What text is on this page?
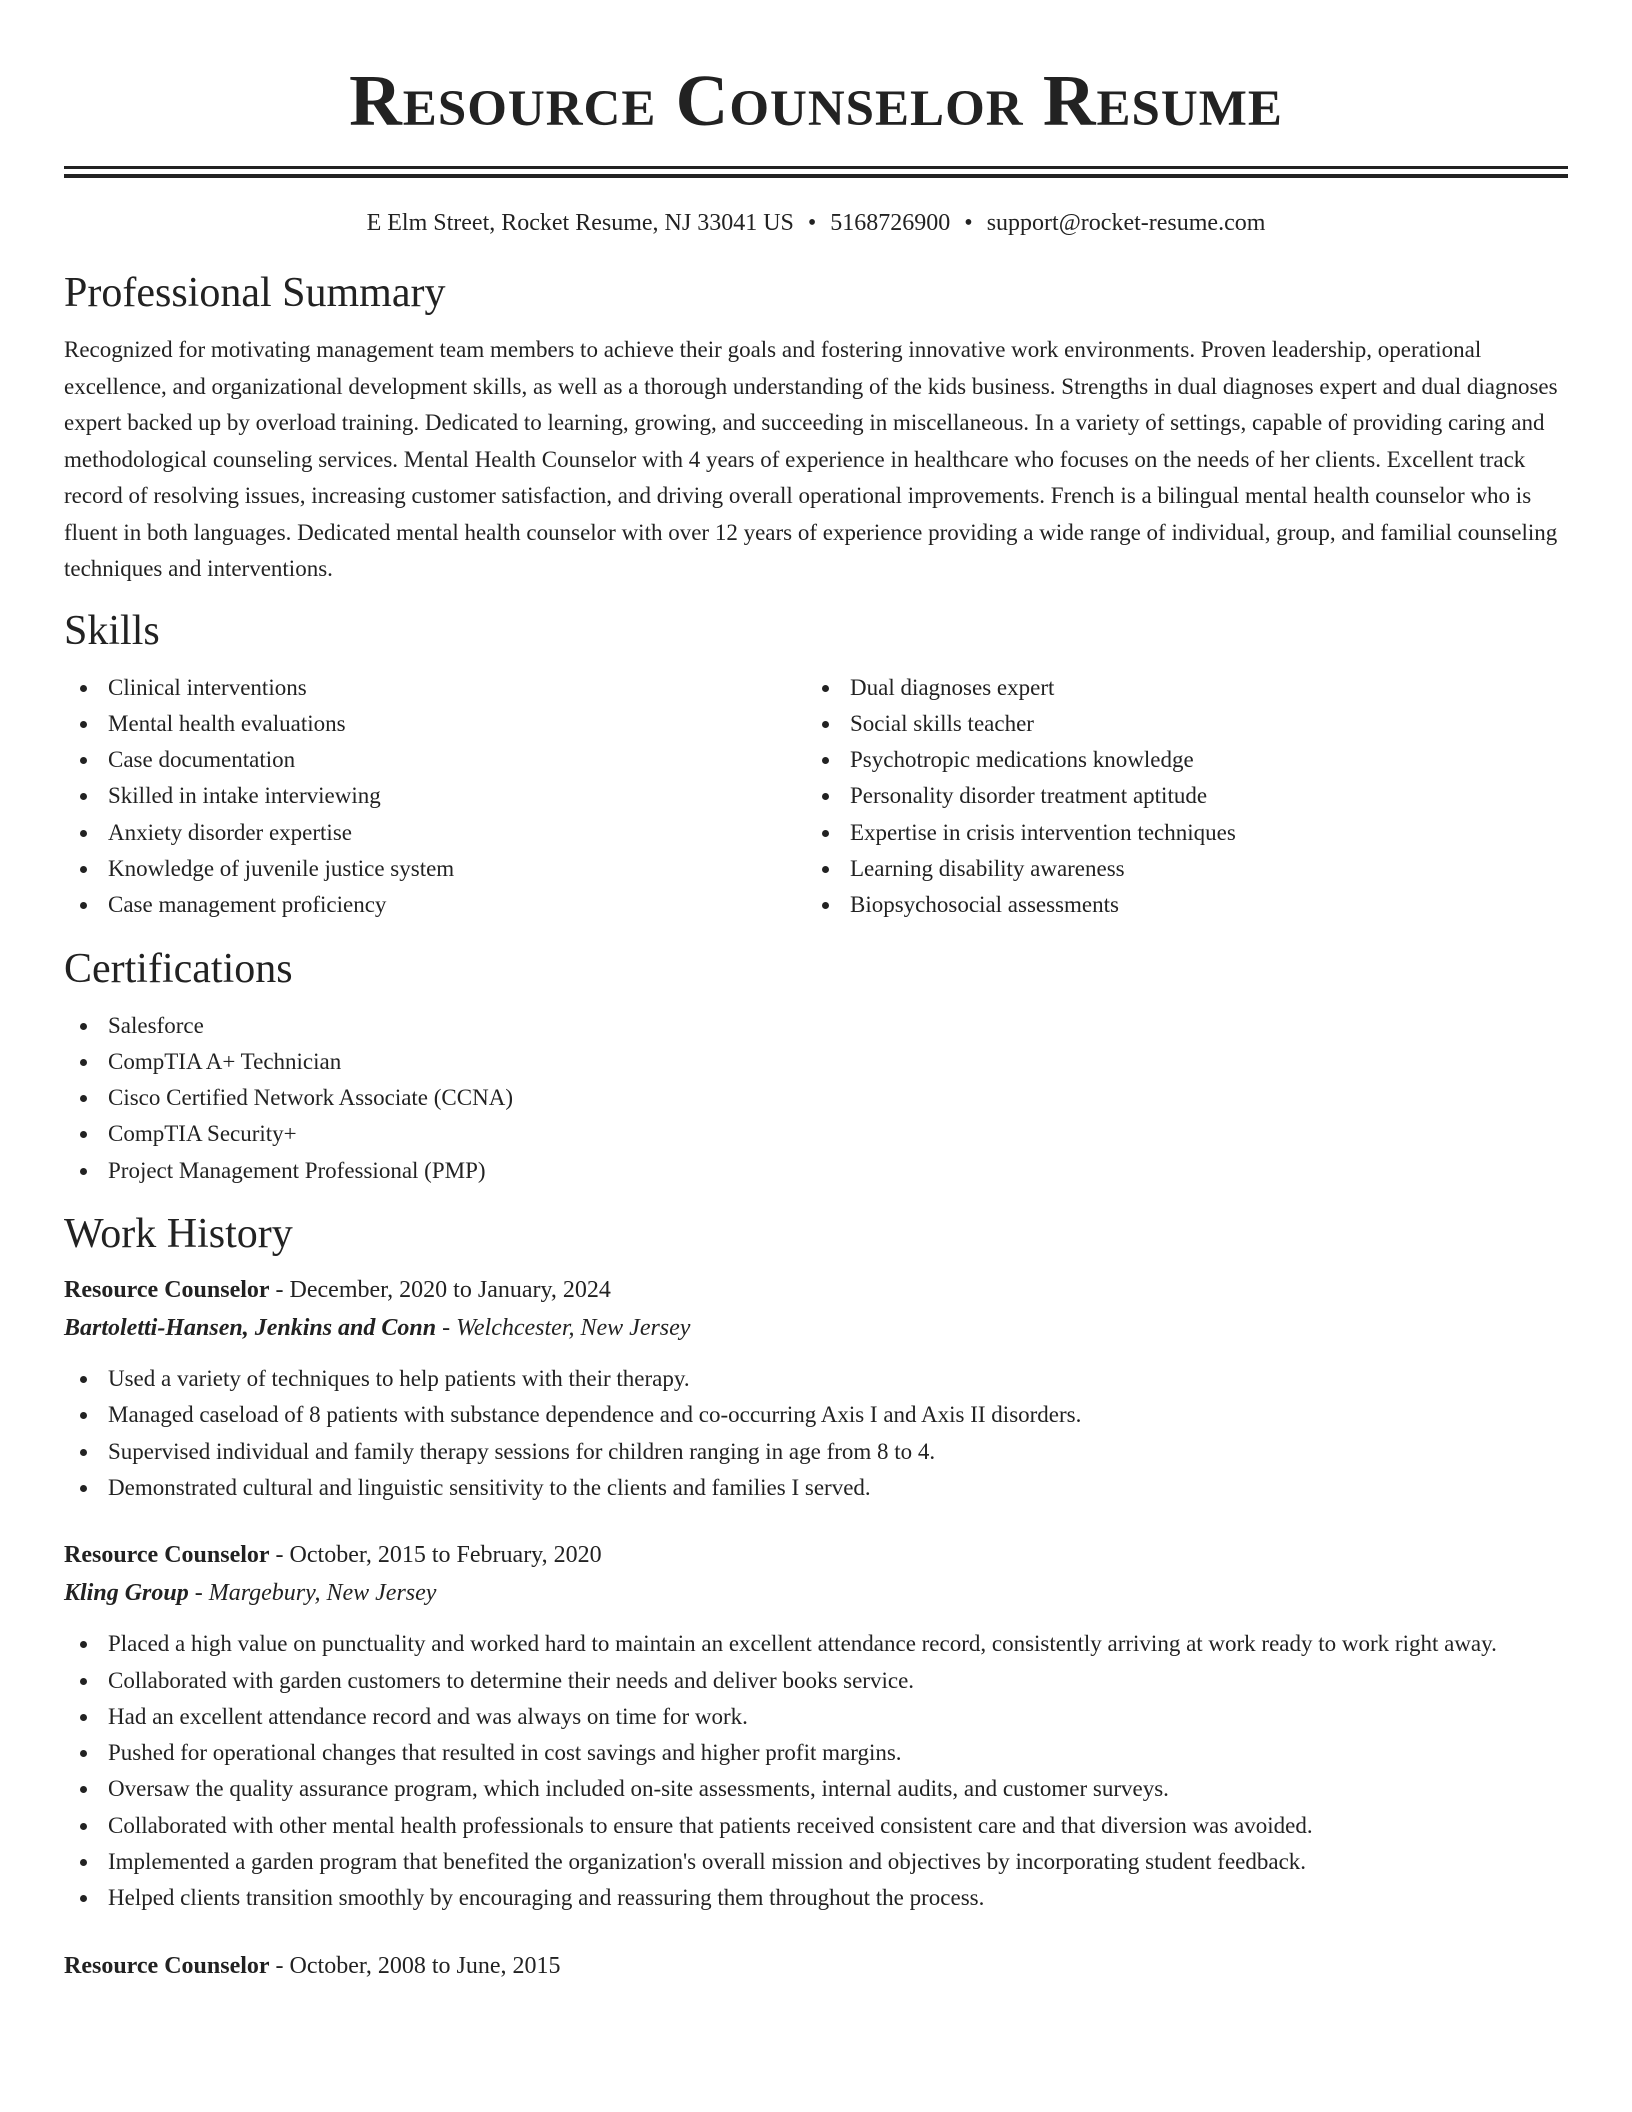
Resource Counselor Resume
E Elm Street, Rocket Resume, NJ 33041 US • 5168726900 • support@rocket-resume.com
Professional Summary

Recognized for motivating management team members to achieve their goals and fostering innovative work environments. Proven leadership, operational excellence, and organizational development skills, as well as a thorough understanding of the kids business. Strengths in dual diagnoses expert and dual diagnoses expert backed up by overload training. Dedicated to learning, growing, and succeeding in miscellaneous. In a variety of settings, capable of providing caring and methodological counseling services. Mental Health Counselor with 4 years of experience in healthcare who focuses on the needs of her clients. Excellent track record of resolving issues, increasing customer satisfaction, and driving overall operational improvements. French is a bilingual mental health counselor who is fluent in both languages. Dedicated mental health counselor with over 12 years of experience providing a wide range of individual, group, and familial counseling techniques and interventions.

Skills
Clinical interventions
Mental health evaluations
Case documentation
Skilled in intake interviewing
Anxiety disorder expertise
Knowledge of juvenile justice system
Case management proficiency
Dual diagnoses expert
Social skills teacher
Psychotropic medications knowledge
Personality disorder treatment aptitude
Expertise in crisis intervention techniques
Learning disability awareness
Biopsychosocial assessments
Certifications
Salesforce
CompTIA A+ Technician
Cisco Certified Network Associate (CCNA)
CompTIA Security+
Project Management Professional (PMP)
Work History
Resource Counselor - December, 2020 to January, 2024
Bartoletti-Hansen, Jenkins and Conn - Welchcester, New Jersey
Used a variety of techniques to help patients with their therapy.
Managed caseload of 8 patients with substance dependence and co-occurring Axis I and Axis II disorders.
Supervised individual and family therapy sessions for children ranging in age from 8 to 4.
Demonstrated cultural and linguistic sensitivity to the clients and families I served.
Resource Counselor - October, 2015 to February, 2020
Kling Group - Margebury, New Jersey
Placed a high value on punctuality and worked hard to maintain an excellent attendance record, consistently arriving at work ready to work right away.
Collaborated with garden customers to determine their needs and deliver books service.
Had an excellent attendance record and was always on time for work.
Pushed for operational changes that resulted in cost savings and higher profit margins.
Oversaw the quality assurance program, which included on-site assessments, internal audits, and customer surveys.
Collaborated with other mental health professionals to ensure that patients received consistent care and that diversion was avoided.
Implemented a garden program that benefited the organization's overall mission and objectives by incorporating student feedback.
Helped clients transition smoothly by encouraging and reassuring them throughout the process.
Resource Counselor - October, 2008 to June, 2015
